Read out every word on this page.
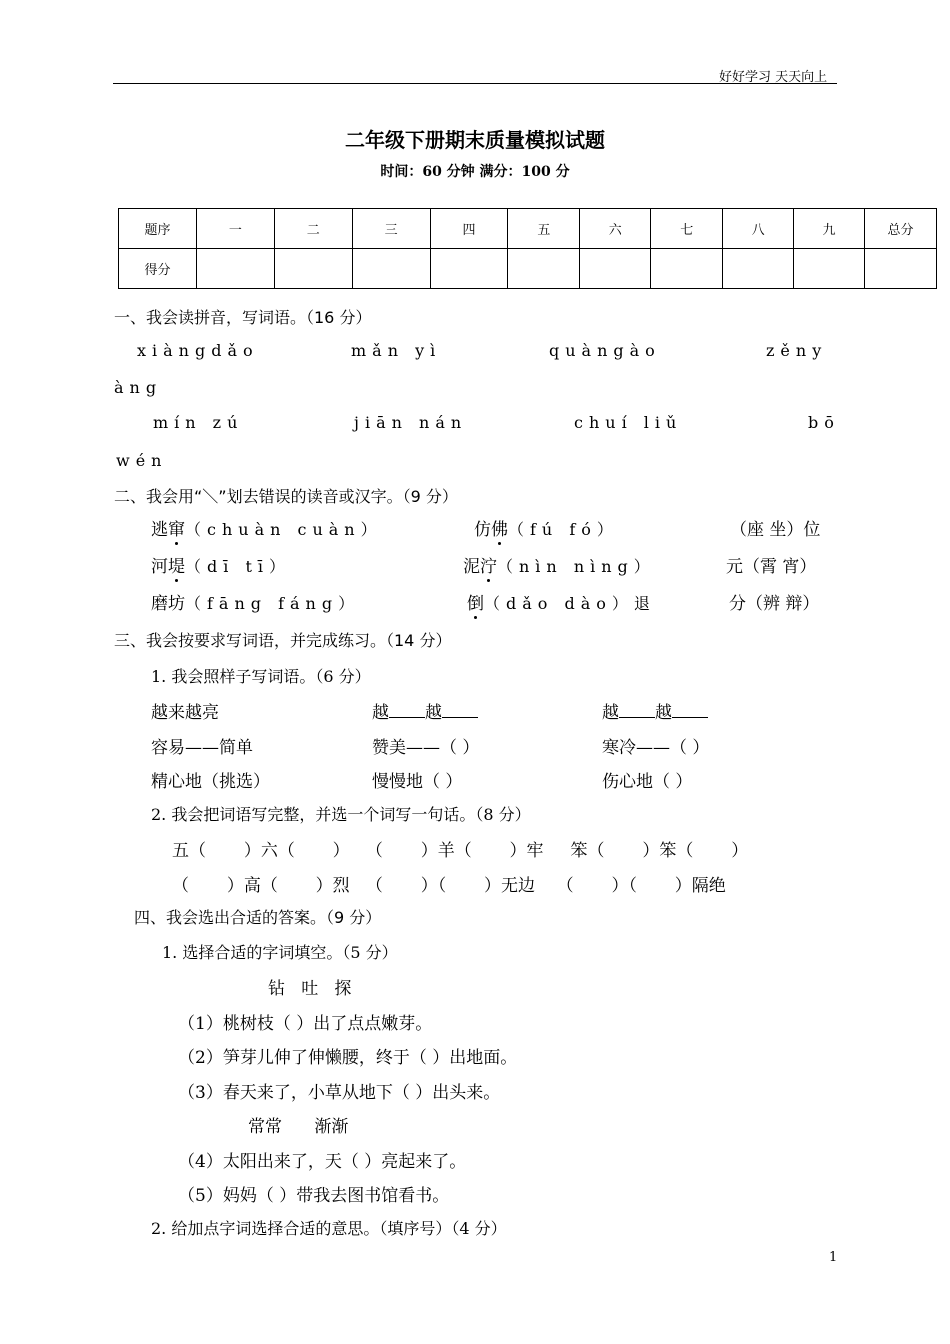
好好学习 天天向上
二年级下册期末质量模拟试题
时间：60 分钟 满分：100 分
题序	一	二	三	四	五	六	七	八	九	总分
得分										
一、我会读拼音，写词语。（16 分）
xiàngdǎo	mǎn yì	quàngào	zěny
àng
mín zú	jiān nán	chuí liǔ	bō
wén
二、我会用“＼”划去错误的读音或汉字。（9 分）
逃窜（chuàn cuàn）	仿佛（fú fó）	（座 坐）位
河堤（dī tī）	泥泞（nìn nìng）	元（霄 宵）
磨坊（fāng fáng）	倒（dǎo dào）退	分（辨 辩）
三、我会按要求写词语，并完成练习。（14 分）
1. 我会照样子写词语。（6 分）
越来越亮	越 越	越 越
容易——简单	赞美——（ ）	寒冷——（ ）
精心地（挑选）	慢慢地（ ）	伤心地（ ）
2. 我会把词语写完整，并选一个词写一句话。（8 分）
五（       ）六（       ）   （       ）羊（       ）牢     笨（       ）笨（       ）
（       ）高（       ）烈   （       ）（       ）无边    （       ）（       ）隔绝
四、我会选出合适的答案。（9 分）
1. 选择合适的字词填空。（5 分）
钻   吐   探
（1）桃树枝（ ）出了点点嫩芽。
（2）笋芽儿伸了伸懒腰，终于（ ）出地面。
（3）春天来了，小草从地下（ ）出头来。
常常      渐渐
（4）太阳出来了，天（ ）亮起来了。
（5）妈妈（ ）带我去图书馆看书。
2. 给加点字词选择合适的意思。（填序号）（4 分）
1
